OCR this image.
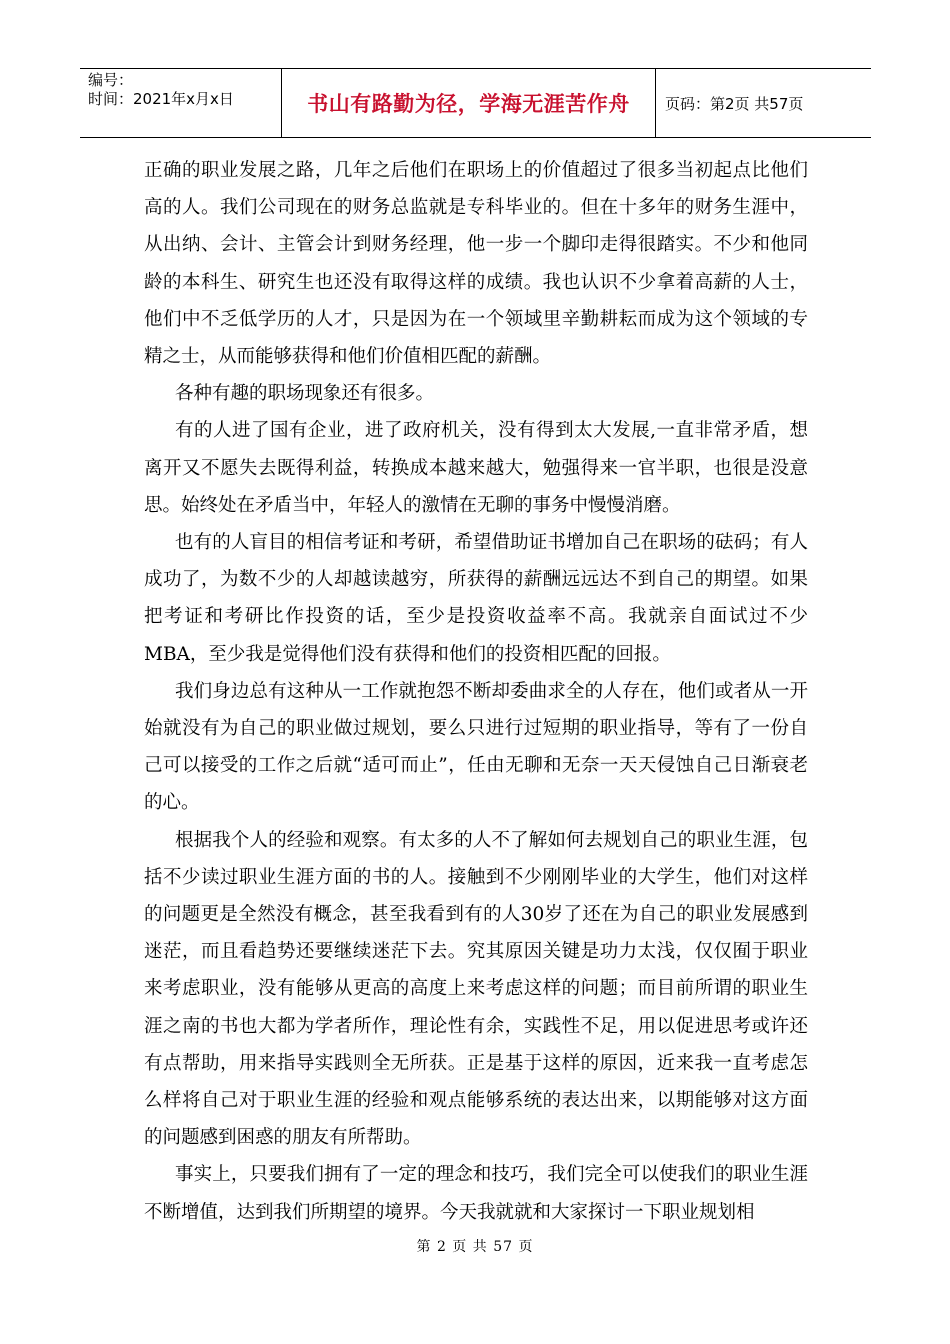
编号：
时间：2021年x月x日	书山有路勤为径，学海无涯苦作舟	页码：第2页 共57页

正确的职业发展之路，几年之后他们在职场上的价值超过了很多当初起点比他们高的人。我们公司现在的财务总监就是专科毕业的。但在十多年的财务生涯中，从出纳、会计、主管会计到财务经理，他一步一个脚印走得很踏实。不少和他同龄的本科生、研究生也还没有取得这样的成绩。我也认识不少拿着高薪的人士，他们中不乏低学历的人才，只是因为在一个领域里辛勤耕耘而成为这个领域的专精之士，从而能够获得和他们价值相匹配的薪酬。

各种有趣的职场现象还有很多。

有的人进了国有企业，进了政府机关，没有得到太大发展,一直非常矛盾，想离开又不愿失去既得利益，转换成本越来越大，勉强得来一官半职，也很是没意思。始终处在矛盾当中，年轻人的激情在无聊的事务中慢慢消磨。

也有的人盲目的相信考证和考研，希望借助证书增加自己在职场的砝码；有人成功了，为数不少的人却越读越穷，所获得的薪酬远远达不到自己的期望。如果把考证和考研比作投资的话，至少是投资收益率不高。我就亲自面试过不少MBA，至少我是觉得他们没有获得和他们的投资相匹配的回报。

我们身边总有这种从一工作就抱怨不断却委曲求全的人存在，他们或者从一开始就没有为自己的职业做过规划，要么只进行过短期的职业指导，等有了一份自己可以接受的工作之后就“适可而止”，任由无聊和无奈一天天侵蚀自己日渐衰老的心。

根据我个人的经验和观察。有太多的人不了解如何去规划自己的职业生涯，包括不少读过职业生涯方面的书的人。接触到不少刚刚毕业的大学生，他们对这样的问题更是全然没有概念，甚至我看到有的人30岁了还在为自己的职业发展感到迷茫，而且看趋势还要继续迷茫下去。究其原因关键是功力太浅，仅仅囿于职业来考虑职业，没有能够从更高的高度上来考虑这样的问题；而目前所谓的职业生涯之南的书也大都为学者所作，理论性有余，实践性不足，用以促进思考或许还有点帮助，用来指导实践则全无所获。正是基于这样的原因，近来我一直考虑怎么样将自己对于职业生涯的经验和观点能够系统的表达出来，以期能够对这方面的问题感到困惑的朋友有所帮助。

事实上，只要我们拥有了一定的理念和技巧，我们完全可以使我们的职业生涯不断增值，达到我们所期望的境界。今天我就就和大家探讨一下职业规划相

第 2 页 共 57 页
